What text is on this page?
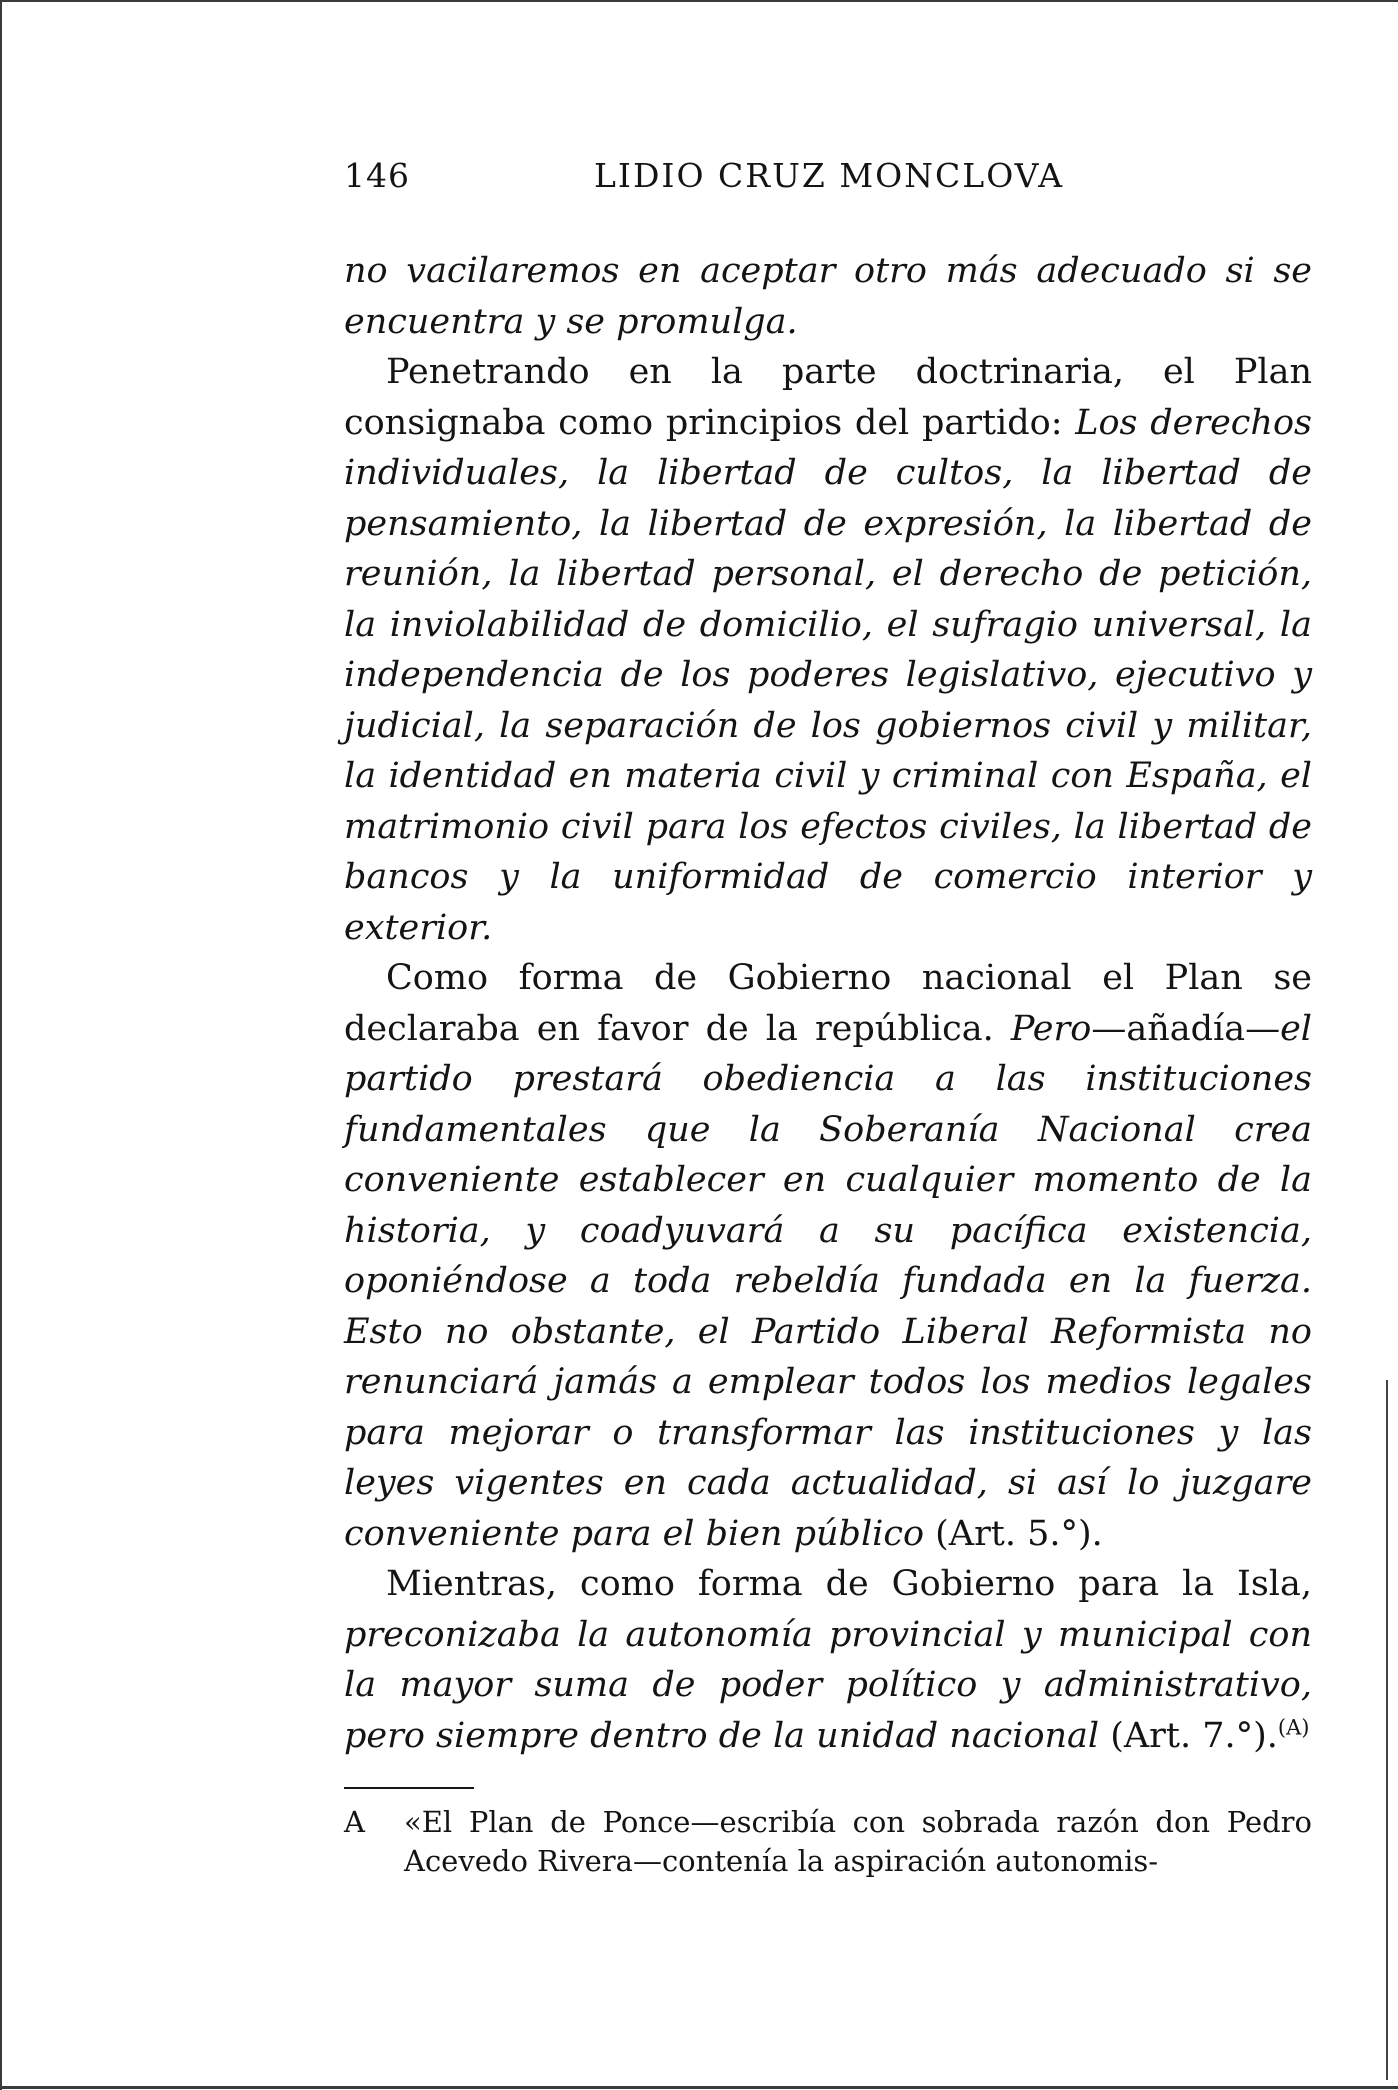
146	LIDIO CRUZ MONCLOVA

no vacilaremos en aceptar otro más adecuado si se encuentra y se promulga.

Penetrando en la parte doctrinaria, el Plan consignaba como principios del partido: Los derechos individuales, la libertad de cultos, la libertad de pensamiento, la libertad de expresión, la libertad de reunión, la libertad personal, el derecho de petición, la inviolabilidad de domicilio, el sufragio universal, la independencia de los poderes legislativo, ejecutivo y judicial, la separación de los gobiernos civil y militar, la identidad en materia civil y criminal con España, el matrimonio civil para los efectos civiles, la libertad de bancos y la uniformidad de comercio interior y exterior.

Como forma de Gobierno nacional el Plan se declaraba en favor de la república. Pero—añadía—el partido prestará obediencia a las instituciones fundamentales que la Soberanía Nacional crea conveniente establecer en cualquier momento de la historia, y coadyuvará a su pacífica existencia, oponiéndose a toda rebeldía fundada en la fuerza. Esto no obstante, el Partido Liberal Reformista no renunciará jamás a emplear todos los medios legales para mejorar o transformar las instituciones y las leyes vigentes en cada actualidad, si así lo juzgare conveniente para el bien público (Art. 5.°).

Mientras, como forma de Gobierno para la Isla, preconizaba la autonomía provincial y municipal con la mayor suma de poder político y administrativo, pero siempre dentro de la unidad nacional (Art. 7.°).$^{(A)}$

A	«El Plan de Ponce—escribía con sobrada razón don Pedro Acevedo Rivera—contenía la aspiración autonomis-
